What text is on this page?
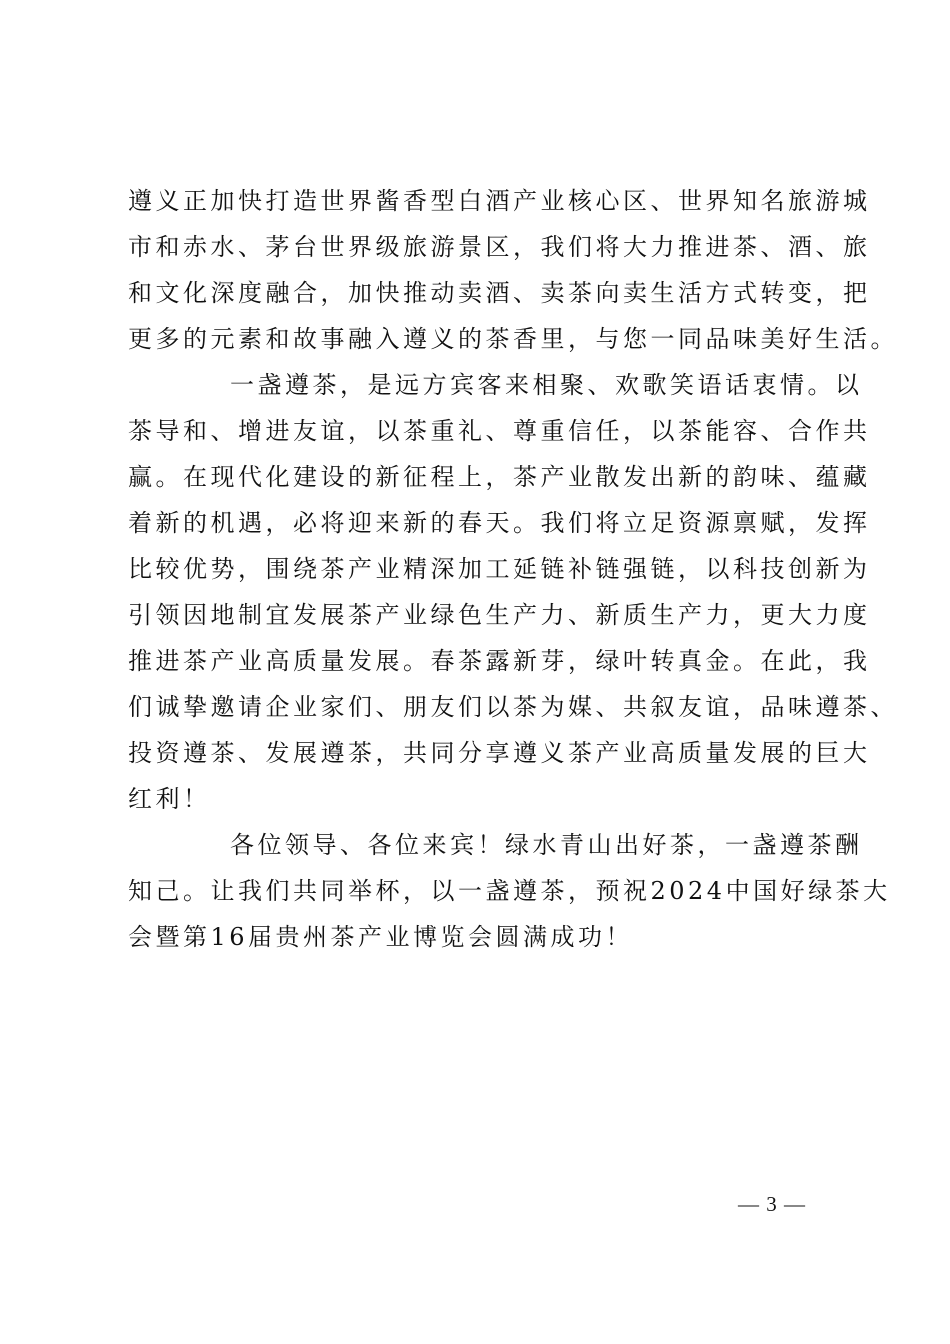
遵义正加快打造世界酱香型白酒产业核心区、世界知名旅游城
市和赤水、茅台世界级旅游景区，我们将大力推进茶、酒、旅
和文化深度融合，加快推动卖酒、卖茶向卖生活方式转变，把
更多的元素和故事融入遵义的茶香里，与您一同品味美好生活。
一盏遵茶，是远方宾客来相聚、欢歌笑语话衷情。以
茶导和、增进友谊，以茶重礼、尊重信任，以茶能容、合作共
赢。在现代化建设的新征程上，茶产业散发出新的韵味、蕴藏
着新的机遇，必将迎来新的春天。我们将立足资源禀赋，发挥
比较优势，围绕茶产业精深加工延链补链强链，以科技创新为
引领因地制宜发展茶产业绿色生产力、新质生产力，更大力度
推进茶产业高质量发展。春茶露新芽，绿叶转真金。在此，我
们诚挚邀请企业家们、朋友们以茶为媒、共叙友谊，品味遵茶、
投资遵茶、发展遵茶，共同分享遵义茶产业高质量发展的巨大
红利！
各位领导、各位来宾！绿水青山出好茶，一盏遵茶酬
知己。让我们共同举杯，以一盏遵茶，预祝2024中国好绿茶大
会暨第16届贵州茶产业博览会圆满成功！
— 3 —
